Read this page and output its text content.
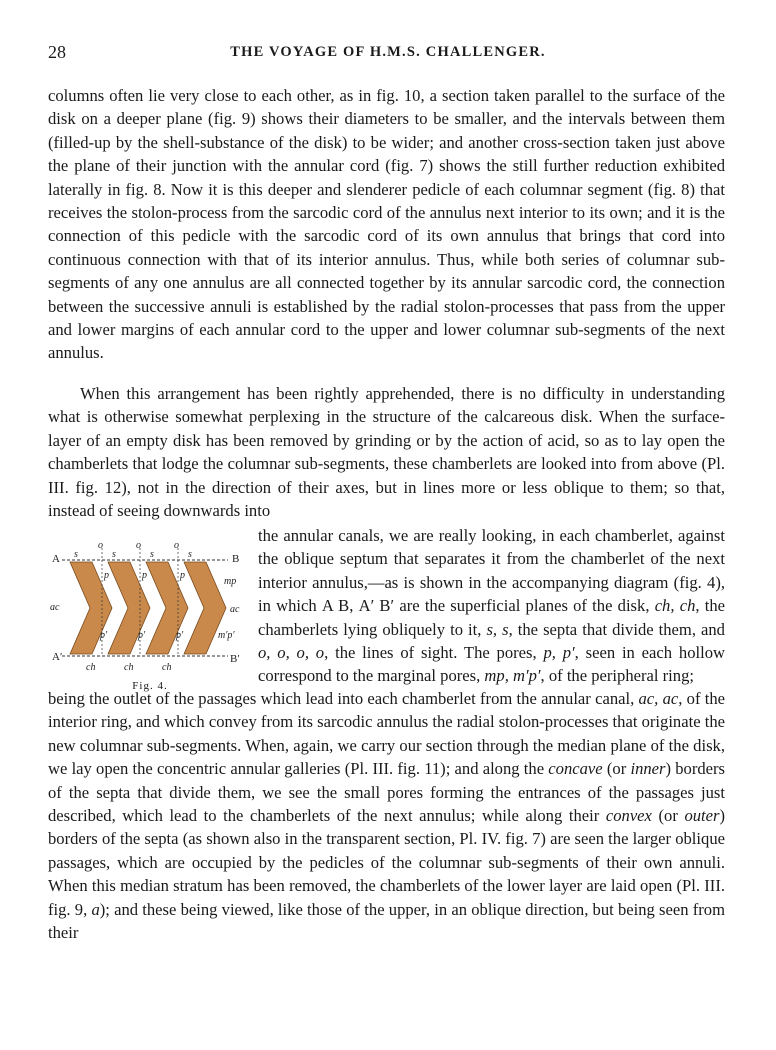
28	THE VOYAGE OF H.M.S. CHALLENGER.

columns often lie very close to each other, as in fig. 10, a section taken parallel to the surface of the disk on a deeper plane (fig. 9) shows their diameters to be smaller, and the intervals between them (filled-up by the shell-substance of the disk) to be wider; and another cross-section taken just above the plane of their junction with the annular cord (fig. 7) shows the still further reduction exhibited laterally in fig. 8. Now it is this deeper and slenderer pedicle of each columnar segment (fig. 8) that receives the stolon-process from the sarcodic cord of the annulus next interior to its own; and it is the connection of this pedicle with the sarcodic cord of its own annulus that brings that cord into continuous connection with that of its interior annulus. Thus, while both series of columnar sub-segments of any one annulus are all connected together by its annular sarcodic cord, the connection between the successive annuli is established by the radial stolon-processes that pass from the upper and lower margins of each annular cord to the upper and lower columnar sub-segments of the next annulus.

When this arrangement has been rightly apprehended, there is no difficulty in understanding what is otherwise somewhat perplexing in the structure of the calcareous disk. When the surface-layer of an empty disk has been removed by grinding or by the action of acid, so as to lay open the chamberlets that lodge the columnar sub-segments, these chamberlets are looked into from above (Pl. III. fig. 12), not in the direction of their axes, but in lines more or less oblique to them; so that, instead of seeing downwards into

A	B
A′	B′
o	o	o
s	s	s	s
p	p	p
p′	p′	p′
ac	ac
mp
m′p′
ch	ch	ch
Fig. 4.

the annular canals, we are really looking, in each chamberlet, against the oblique septum that separates it from the chamberlet of the next interior annulus,—as is shown in the accompanying diagram (fig. 4), in which A B, A′ B′ are the superficial planes of the disk, ch, ch, the chamberlets lying obliquely to it, s, s, the septa that divide them, and o, o, o, o, the lines of sight. The pores, p, p′, seen in each hollow correspond to the marginal pores, mp, m′p′, of the peripheral ring;

being the outlet of the passages which lead into each chamberlet from the annular canal, ac, ac, of the interior ring, and which convey from its sarcodic annulus the radial stolon-processes that originate the new columnar sub-segments. When, again, we carry our section through the median plane of the disk, we lay open the concentric annular galleries (Pl. III. fig. 11); and along the concave (or inner) borders of the septa that divide them, we see the small pores forming the entrances of the passages just described, which lead to the chamberlets of the next annulus; while along their convex (or outer) borders of the septa (as shown also in the transparent section, Pl. IV. fig. 7) are seen the larger oblique passages, which are occupied by the pedicles of the columnar sub-segments of their own annuli. When this median stratum has been removed, the chamberlets of the lower layer are laid open (Pl. III. fig. 9, a); and these being viewed, like those of the upper, in an oblique direction, but being seen from their
